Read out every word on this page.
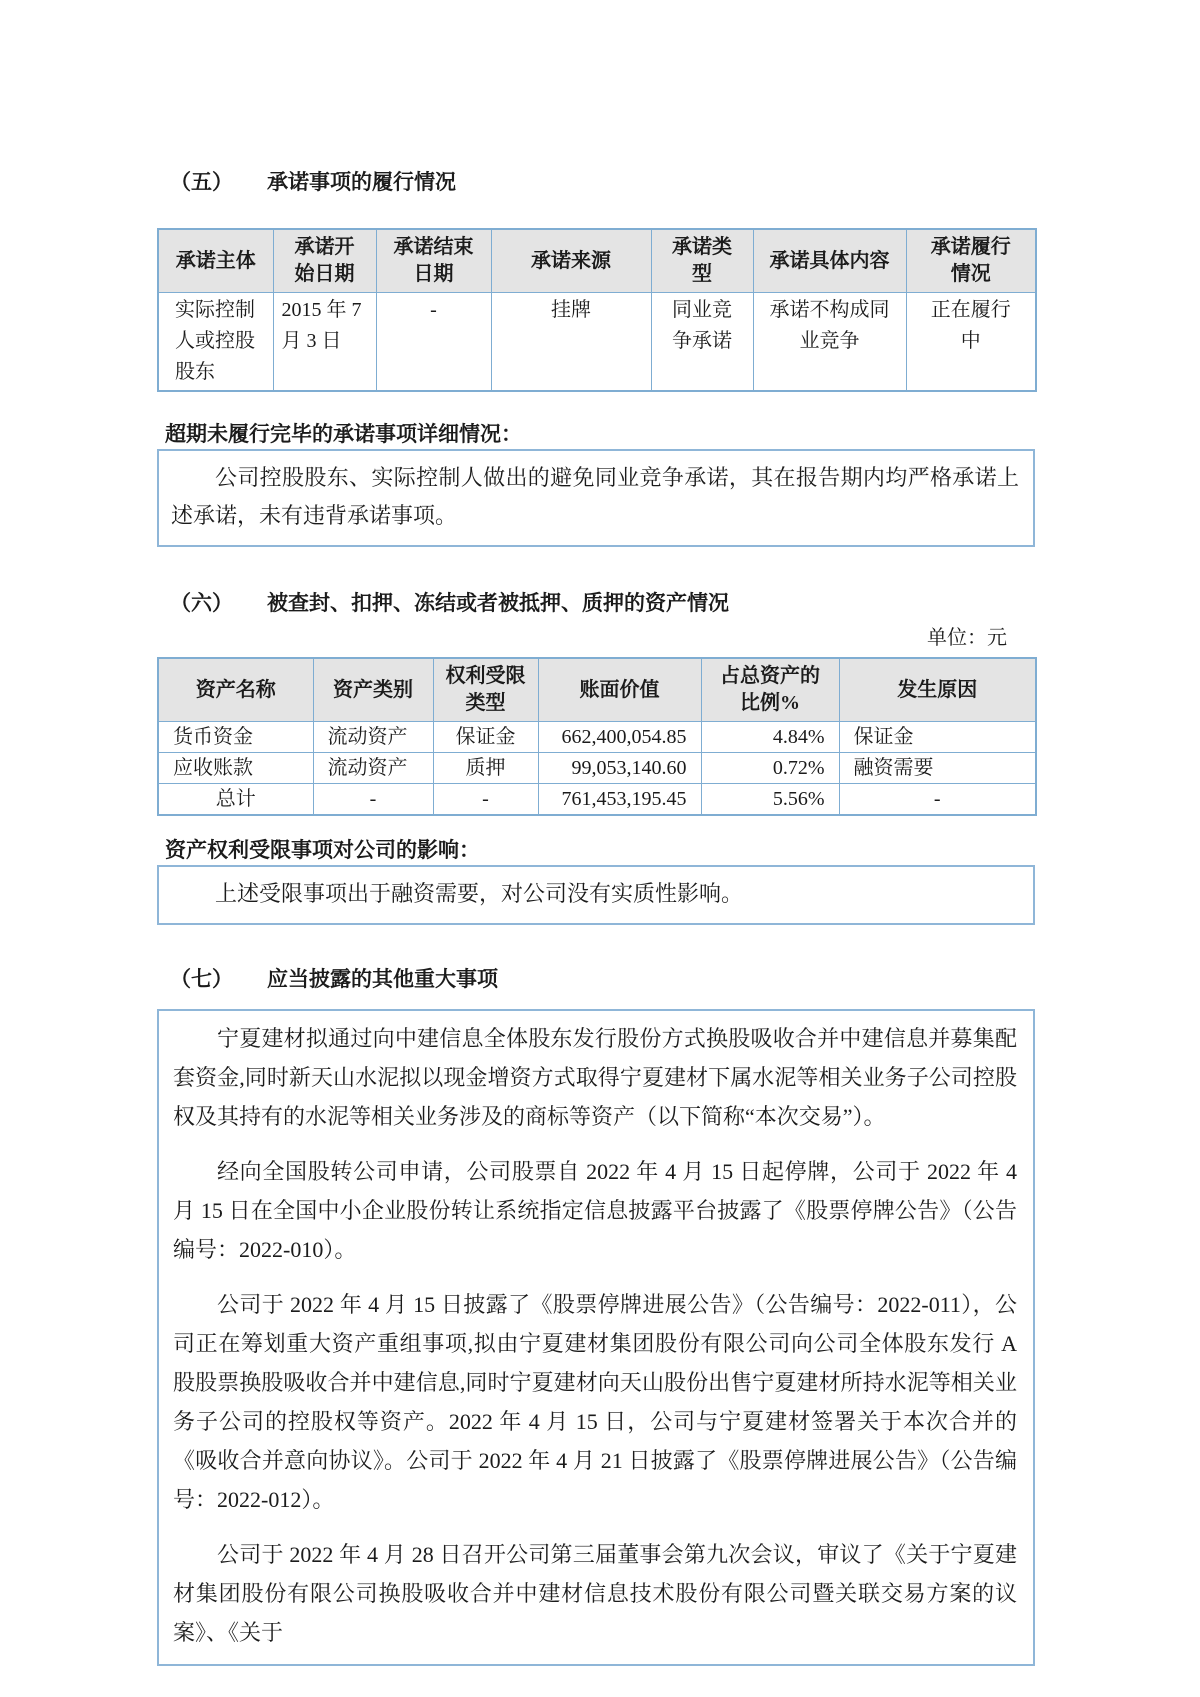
（五） 承诺事项的履行情况
承诺主体	承诺开始日期	承诺结束日期	承诺来源	承诺类型	承诺具体内容	承诺履行情况
实际控制人或控股股东	2015 年 7 月 3 日	-	挂牌	同业竞争承诺	承诺不构成同业竞争	正在履行中

超期未履行完毕的承诺事项详细情况：

公司控股股东、实际控制人做出的避免同业竞争承诺，其在报告期内均严格承诺上述承诺，未有违背承诺事项。

（六） 被查封、扣押、冻结或者被抵押、质押的资产情况

单位：元

资产名称	资产类别	权利受限类型	账面价值	占总资产的比例%	发生原因
货币资金	流动资产	保证金	662,400,054.85	4.84%	保证金
应收账款	流动资产	质押	99,053,140.60	0.72%	融资需要
总计	-	-	761,453,195.45	5.56%	-

资产权利受限事项对公司的影响：

上述受限事项出于融资需要，对公司没有实质性影响。

（七） 应当披露的其他重大事项

宁夏建材拟通过向中建信息全体股东发行股份方式换股吸收合并中建信息并募集配套资金,同时新天山水泥拟以现金增资方式取得宁夏建材下属水泥等相关业务子公司控股权及其持有的水泥等相关业务涉及的商标等资产（以下简称“本次交易”）。

经向全国股转公司申请，公司股票自 2022 年 4 月 15 日起停牌，公司于 2022 年 4 月 15 日在全国中小企业股份转让系统指定信息披露平台披露了《股票停牌公告》（公告编号：2022-010）。

公司于 2022 年 4 月 15 日披露了《股票停牌进展公告》（公告编号：2022-011），公司正在筹划重大资产重组事项,拟由宁夏建材集团股份有限公司向公司全体股东发行 A 股股票换股吸收合并中建信息,同时宁夏建材向天山股份出售宁夏建材所持水泥等相关业务子公司的控股权等资产。2022 年 4 月 15 日，公司与宁夏建材签署关于本次合并的《吸收合并意向协议》。公司于 2022 年 4 月 21 日披露了《股票停牌进展公告》（公告编号：2022-012）。

公司于 2022 年 4 月 28 日召开公司第三届董事会第九次会议，审议了《关于宁夏建材集团股份有限公司换股吸收合并中建材信息技术股份有限公司暨关联交易方案的议案》、《关于
